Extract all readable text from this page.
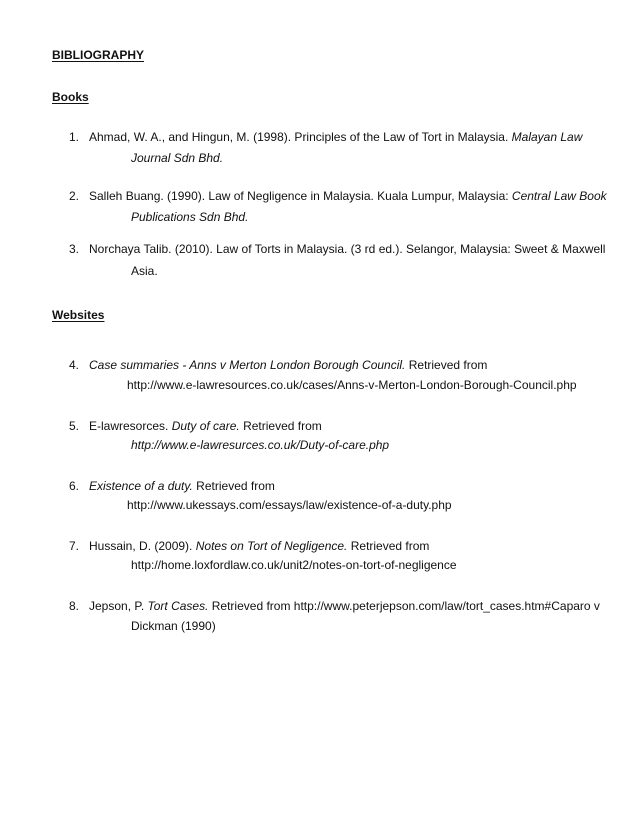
BIBLIOGRAPHY
Books
1. Ahmad, W. A., and Hingun, M. (1998). Principles of the Law of Tort in Malaysia. Malayan Law
Journal Sdn Bhd.
2. Salleh Buang. (1990). Law of Negligence in Malaysia. Kuala Lumpur, Malaysia: Central Law Book
Publications Sdn Bhd.
3. Norchaya Talib. (2010). Law of Torts in Malaysia. (3 rd ed.). Selangor, Malaysia: Sweet & Maxwell
Asia.
Websites
4. Case summaries - Anns v Merton London Borough Council. Retrieved from
http://www.e-lawresources.co.uk/cases/Anns-v-Merton-London-Borough-Council.php
5. E-lawresorces. Duty of care. Retrieved from
http://www.e-lawresurces.co.uk/Duty-of-care.php
6. Existence of a duty. Retrieved from
http://www.ukessays.com/essays/law/existence-of-a-duty.php
7. Hussain, D. (2009). Notes on Tort of Negligence. Retrieved from
http://home.loxfordlaw.co.uk/unit2/notes-on-tort-of-negligence
8. Jepson, P. Tort Cases. Retrieved from http://www.peterjepson.com/law/tort_cases.htm#Caparo v
Dickman (1990)
